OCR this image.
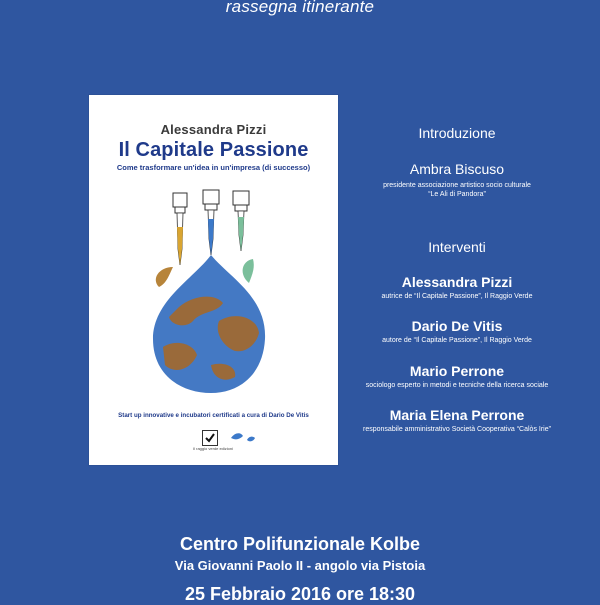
rassegna itinerante
Alessandra Pizzi
Il Capitale Passione
Come trasformare un'idea in un'impresa (di successo)
Start up innovative e incubatori certificati a cura di Dario De Vitis
Il raggio verde edizioni
Introduzione
Ambra Biscuso
presidente associazione artistico socio culturale
“Le Ali di Pandora”
Interventi
Alessandra Pizzi
autrice de “Il Capitale Passione”, Il Raggio Verde
Dario De Vitis
autore de “Il Capitale Passione”, Il Raggio Verde
Mario Perrone
sociologo esperto in metodi e tecniche della ricerca sociale
Maria Elena Perrone
responsabile amministrativo Società Cooperativa “Calòs Irie”
Centro Polifunzionale Kolbe
Via Giovanni Paolo II - angolo via Pistoia
25 Febbraio 2016 ore 18:30
